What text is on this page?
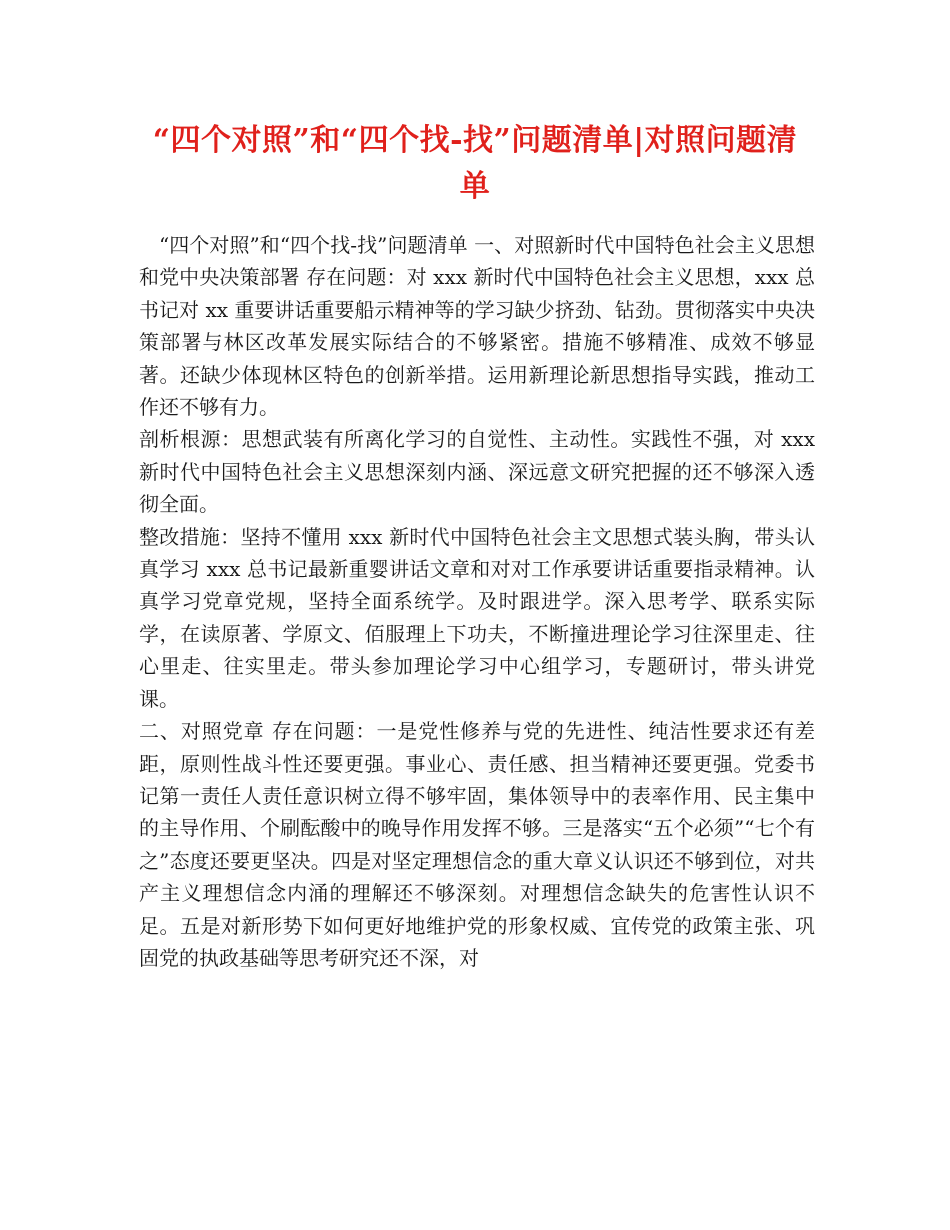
“四个对照”和“四个找-找”问题清单|对照问题清单

“四个对照”和“四个找-找”问题清单 一、对照新时代中国特色社会主义思想和党中央决策部署 存在问题：对 xxx 新时代中国特色社会主义思想，xxx 总书记对 xx 重要讲话重要船示精神等的学习缺少挤劲、钻劲。贯彻落实中央决策部署与林区改革发展实际结合的不够紧密。措施不够精准、成效不够显著。还缺少体现林区特色的创新举措。运用新理论新思想指导实践，推动工作还不够有力。

剖析根源：思想武装有所离化学习的自觉性、主动性。实践性不强，对 xxx 新时代中国特色社会主义思想深刻内涵、深远意文研究把握的还不够深入透彻全面。

整改措施：坚持不懂用 xxx 新时代中国特色社会主文思想式装头胸，带头认真学习 xxx 总书记最新重婴讲话文章和对对工作承要讲话重要指录精神。认真学习党章党规，坚持全面系统学。及时跟进学。深入思考学、联系实际学，在读原著、学原文、佰服理上下功夫，不断撞进理论学习往深里走、往心里走、往实里走。带头参加理论学习中心组学习，专题研讨，带头讲党课。

二、对照党章 存在问题：一是党性修养与党的先进性、纯洁性要求还有差距，原则性战斗性还要更强。事业心、责任感、担当精神还要更强。党委书记第一责任人责任意识树立得不够牢固，集体领导中的表率作用、民主集中的主导作用、个刷酝酸中的晚导作用发挥不够。三是落实“五个必须”“七个有之”态度还要更坚决。四是对坚定理想信念的重大章义认识还不够到位，对共产主义理想信念内涌的理解还不够深刻。对理想信念缺失的危害性认识不足。五是对新形势下如何更好地维护党的形象权威、宜传党的政策主张、巩固党的执政基础等思考研究还不深，对
